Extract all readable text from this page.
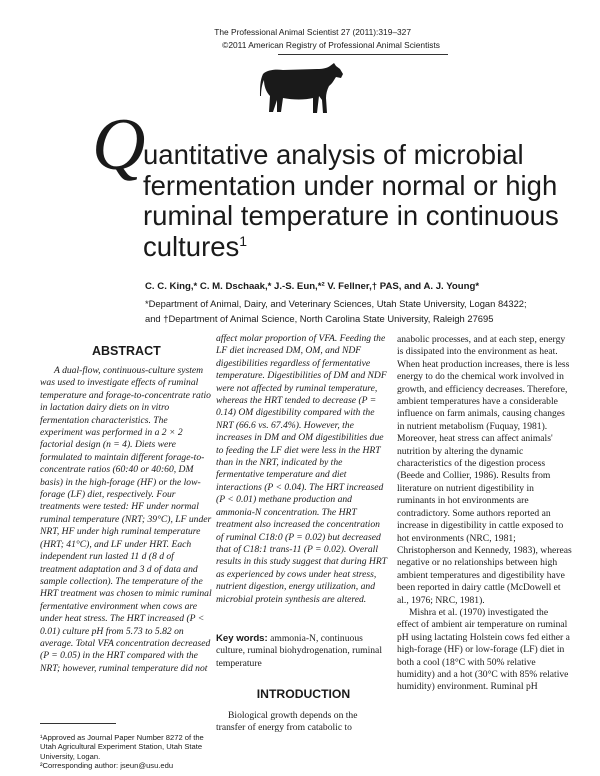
The Professional Animal Scientist 27 (2011):319–327
©2011 American Registry of Professional Animal Scientists
Q
uantitative analysis of microbial fermentation under normal or high ruminal temperature in continuous cultures$^1$
C. C. King,* C. M. Dschaak,* J.-S. Eun,*² V. Fellner,† PAS, and A. J. Young*
*Department of Animal, Dairy, and Veterinary Sciences, Utah State University, Logan 84322;
and †Department of Animal Science, North Carolina State University, Raleigh 27695
ABSTRACT
A dual-flow, continuous-culture system was used to investigate effects of ruminal temperature and forage-to-concentrate ratio in lactation dairy diets on in vitro fermentation characteristics. The experiment was performed in a 2 × 2 factorial design (n = 4). Diets were formulated to maintain different forage-to-concentrate ratios (60:40 or 40:60, DM basis) in the high-forage (HF) or the low-forage (LF) diet, respectively. Four treatments were tested: HF under normal ruminal temperature (NRT; 39°C), LF under NRT, HF under high ruminal temperature (HRT; 41°C), and LF under HRT. Each independent run lasted 11 d (8 d of treatment adaptation and 3 d of data and sample collection). The temperature of the HRT treatment was chosen to mimic ruminal fermentative environment when cows are under heat stress. The HRT increased (P < 0.01) culture pH from 5.73 to 5.82 on average. Total VFA concentration decreased (P = 0.05) in the HRT compared with the NRT; however, ruminal temperature did not
affect molar proportion of VFA. Feeding the LF diet increased DM, OM, and NDF digestibilities regardless of fermentative temperature. Digestibilities of DM and NDF were not affected by ruminal temperature, whereas the HRT tended to decrease (P = 0.14) OM digestibility compared with the NRT (66.6 vs. 67.4%). However, the increases in DM and OM digestibilities due to feeding the LF diet were less in the HRT than in the NRT, indicated by the fermentative temperature and diet interactions (P < 0.04). The HRT increased (P < 0.01) methane production and ammonia-N concentration. The HRT treatment also increased the concentration of ruminal C18:0 (P = 0.02) but decreased that of C18:1 trans-11 (P = 0.02). Overall results in this study suggest that during HRT as experienced by cows under heat stress, nutrient digestion, energy utilization, and microbial protein synthesis are altered.
Key words: ammonia-N, continuous culture, ruminal biohydrogenation, ruminal temperature
INTRODUCTION
Biological growth depends on the transfer of energy from catabolic to

anabolic processes, and at each step, energy is dissipated into the environment as heat. When heat production increases, there is less energy to do the chemical work involved in growth, and efficiency decreases. Therefore, ambient temperatures have a considerable influence on farm animals, causing changes in nutrient metabolism (Fuquay, 1981). Moreover, heat stress can affect animals' nutrition by altering the dynamic characteristics of the digestion process (Beede and Collier, 1986). Results from literature on nutrient digestibility in ruminants in hot environments are contradictory. Some authors reported an increase in digestibility in cattle exposed to hot environments (NRC, 1981; Christopherson and Kennedy, 1983), whereas negative or no relationships between high ambient temperatures and digestibility have been reported in dairy cattle (McDowell et al., 1976; NRC, 1981).

Mishra et al. (1970) investigated the effect of ambient air temperature on ruminal pH using lactating Holstein cows fed either a high-forage (HF) or low-forage (LF) diet in both a cool (18°C with 50% relative humidity) and a hot (30°C with 85% relative humidity) environment. Ruminal pH

¹Approved as Journal Paper Number 8272 of the Utah Agricultural Experiment Station, Utah State University, Logan.

²Corresponding author: jseun@usu.edu
